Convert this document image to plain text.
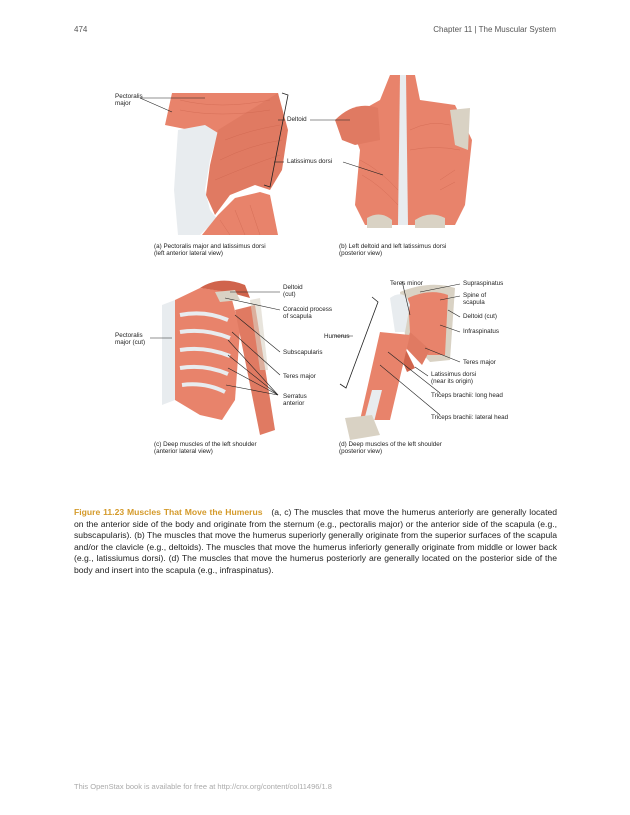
474	Chapter 11 | The Muscular System
Pectoralis
major
(a) Pectoralis major and latissimus dorsi
(left anterior lateral view)
Deltoid
Latissimus dorsi
(b) Left deltoid and left latissimus dorsi
(posterior view)
Deltoid
(cut)
Coracoid process
of scapula
Pectoralis
major (cut)
Subscapularis
Teres major
Serratus
anterior
(c) Deep muscles of the left shoulder
(anterior lateral view)
Teres minor	Supraspinatus
Spine of
scapula
Deltoid (cut)
Humerus
Infraspinatus
Teres major
Latissimus dorsi
(near its origin)
Triceps brachii: long head
Triceps brachii: lateral head
(d) Deep muscles of the left shoulder
(posterior view)
Figure 11.23 Muscles That Move the Humerus (a, c) The muscles that move the humerus anteriorly are generally located on the anterior side of the body and originate from the sternum (e.g., pectoralis major) or the anterior side of the scapula (e.g., subscapularis). (b) The muscles that move the humerus superiorly generally originate from the superior surfaces of the scapula and/or the clavicle (e.g., deltoids). The muscles that move the humerus inferiorly generally originate from middle or lower back (e.g., latissiumus dorsi). (d) The muscles that move the humerus posteriorly are generally located on the posterior side of the body and insert into the scapula (e.g., infraspinatus).
This OpenStax book is available for free at http://cnx.org/content/col11496/1.8
